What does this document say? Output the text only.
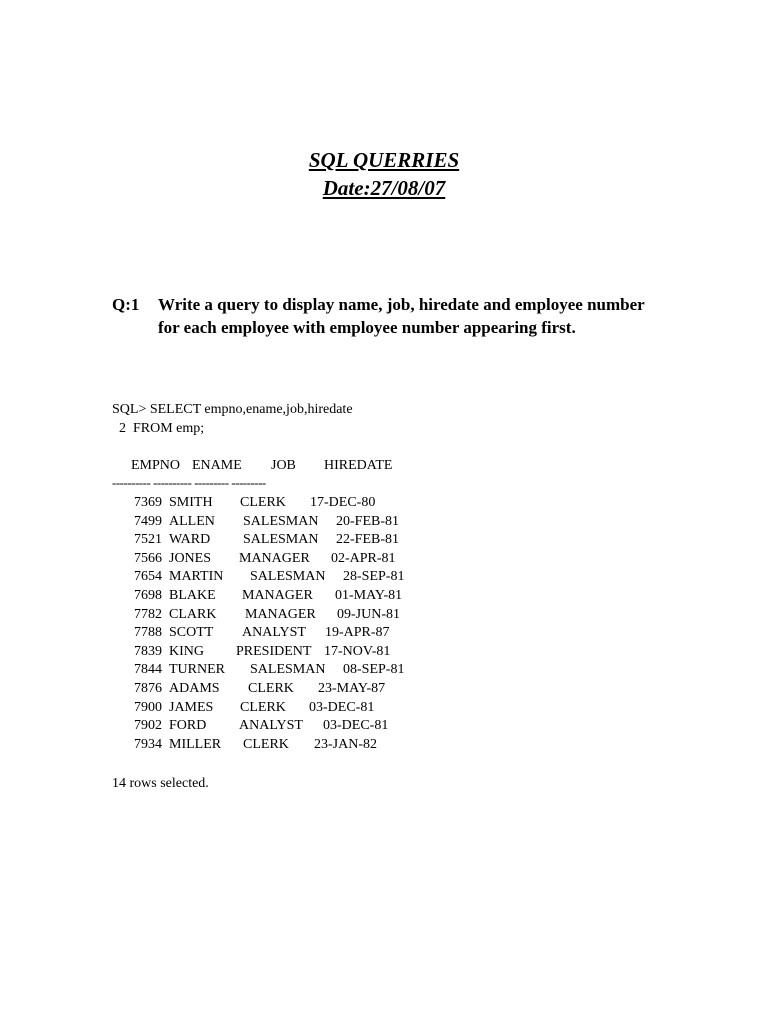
SQL QUERRIES
Date:27/08/07
Q:1 Write a query to display name, job, hiredate and employee number for each employee with employee number appearing first.
SQL> SELECT empno,ename,job,hiredate
2  FROM emp;
EMPNO ENAME JOB HIREDATE
---------- ---------- --------- ---------
7369 SMITH CLERK 17-DEC-80
7499 ALLEN SALESMAN 20-FEB-81
7521 WARD SALESMAN 22-FEB-81
7566 JONES MANAGER 02-APR-81
7654 MARTIN SALESMAN 28-SEP-81
7698 BLAKE MANAGER 01-MAY-81
7782 CLARK MANAGER 09-JUN-81
7788 SCOTT ANALYST 19-APR-87
7839 KING PRESIDENT 17-NOV-81
7844 TURNER SALESMAN 08-SEP-81
7876 ADAMS CLERK 23-MAY-87
7900 JAMES CLERK 03-DEC-81
7902 FORD ANALYST 03-DEC-81
7934 MILLER CLERK 23-JAN-82
14 rows selected.
